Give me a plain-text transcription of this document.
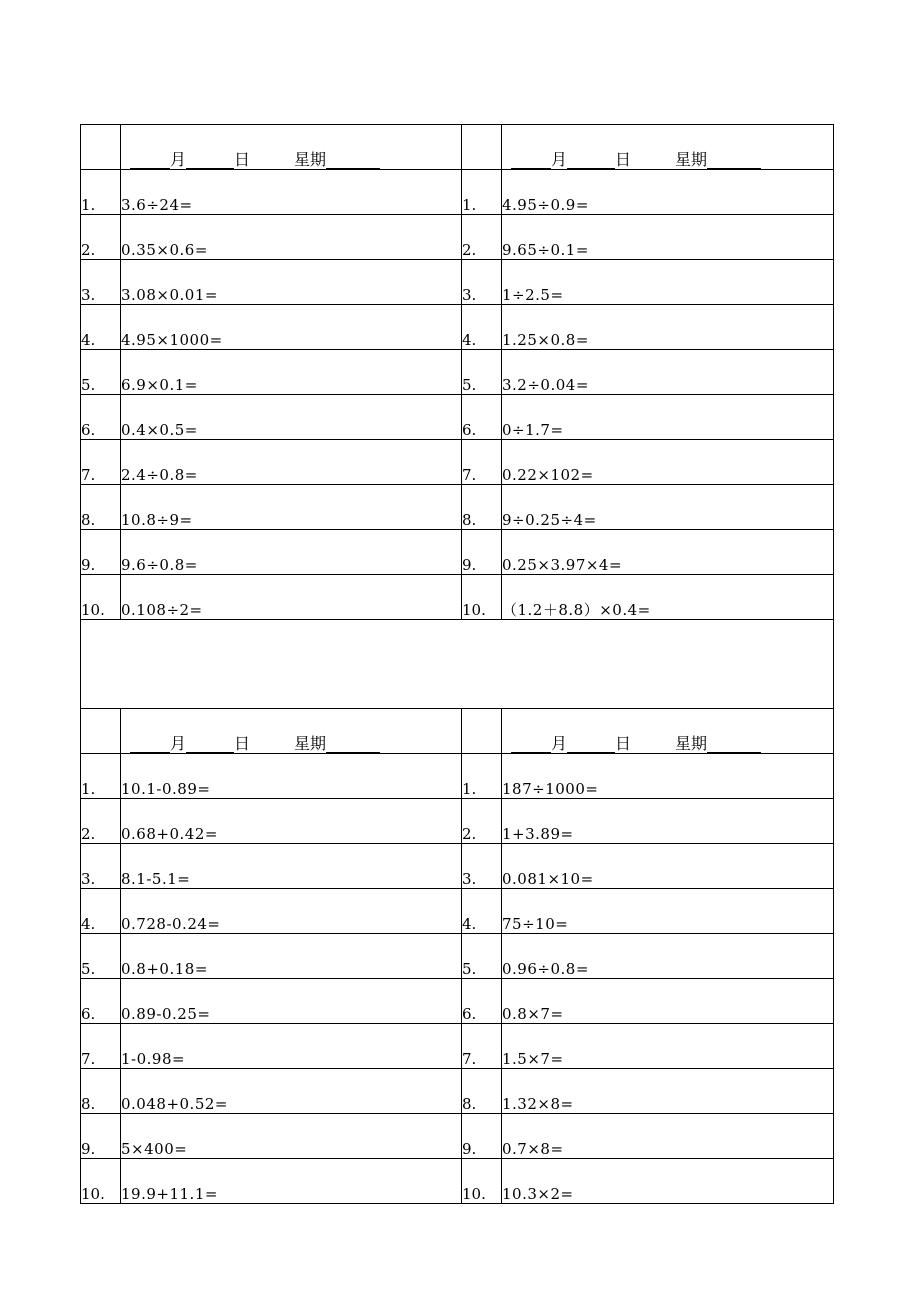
	月 日 星期		月 日 星期
1.	3.6÷24=	1.	4.95÷0.9=
2.	0.35×0.6=	2.	9.65÷0.1=
3.	3.08×0.01=	3.	1÷2.5=
4.	4.95×1000=	4.	1.25×0.8=
5.	6.9×0.1=	5.	3.2÷0.04=
6.	0.4×0.5=	6.	0÷1.7=
7.	2.4÷0.8=	7.	0.22×102=
8.	10.8÷9=	8.	9÷0.25÷4=
9.	9.6÷0.8=	9.	0.25×3.97×4=
10.	0.108÷2=	10.	（1.2＋8.8）×0.4=

	月 日 星期		月 日 星期
1.	10.1-0.89=	1.	187÷1000=
2.	0.68+0.42=	2.	1+3.89=
3.	8.1-5.1=	3.	0.081×10=
4.	0.728-0.24=	4.	75÷10=
5.	0.8+0.18=	5.	0.96÷0.8=
6.	0.89-0.25=	6.	0.8×7=
7.	1-0.98=	7.	1.5×7=
8.	0.048+0.52=	8.	1.32×8=
9.	5×400=	9.	0.7×8=
10.	19.9+11.1=	10.	10.3×2=
